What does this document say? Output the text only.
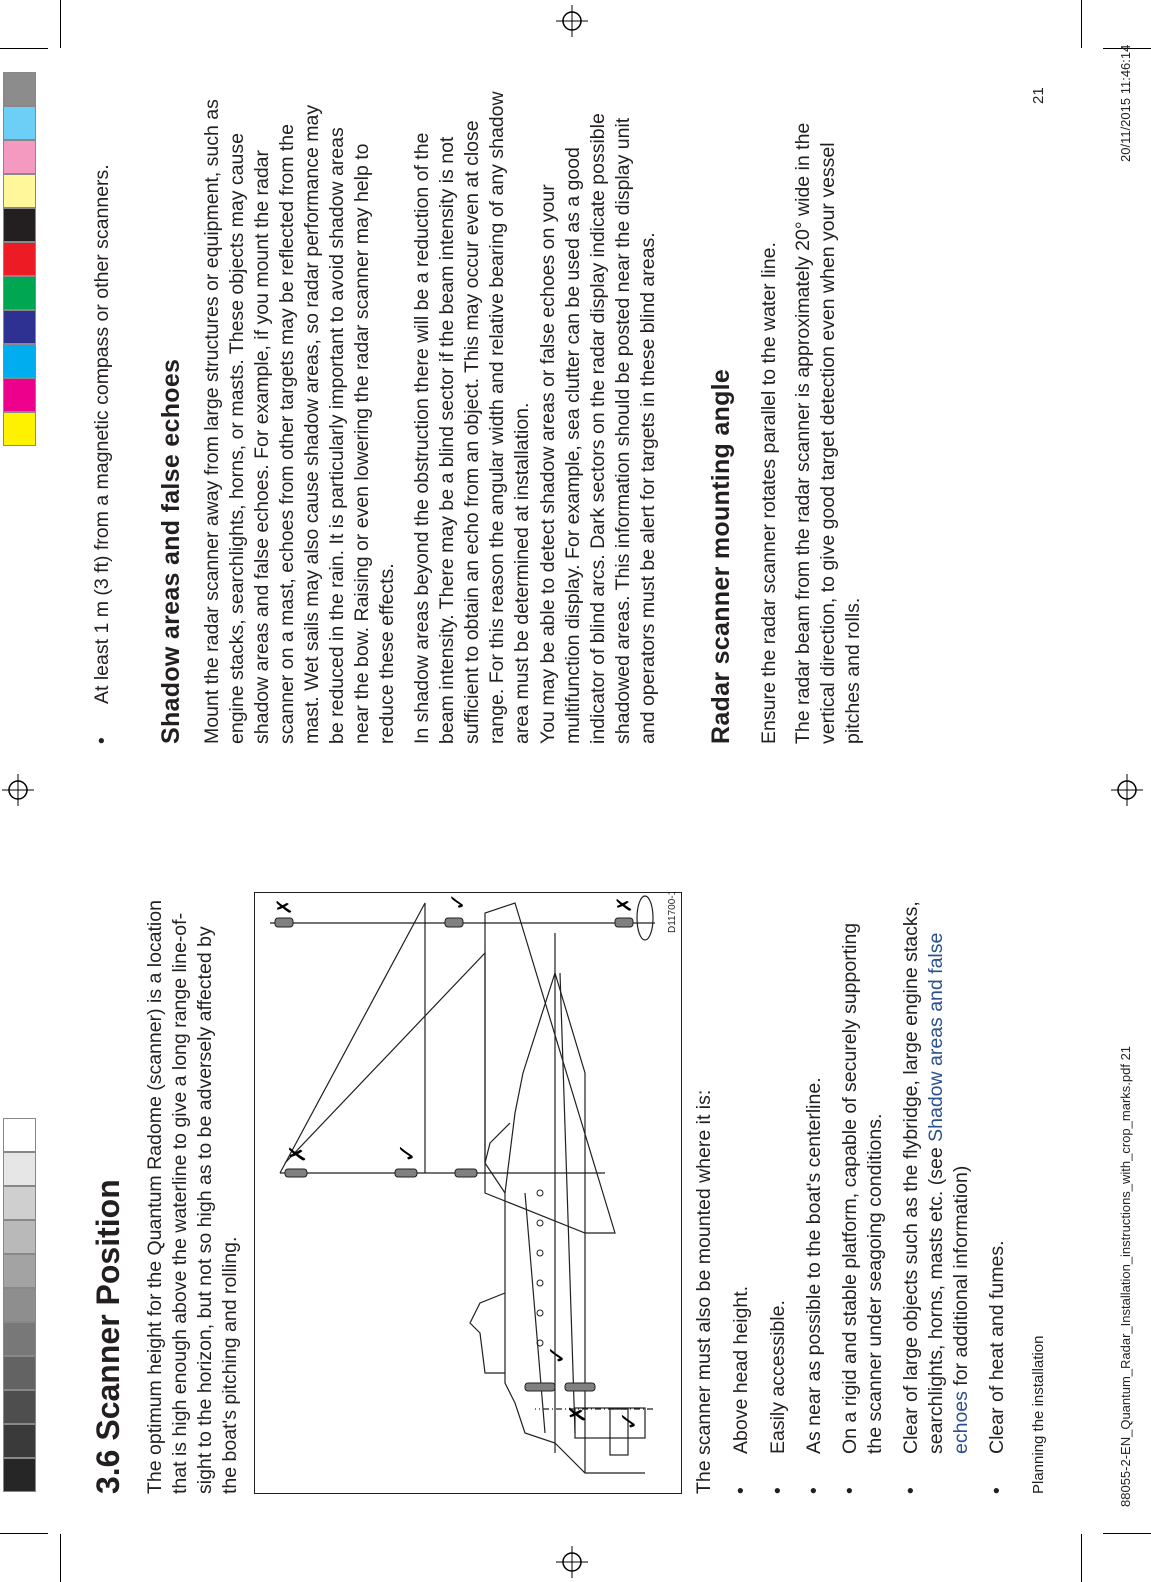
3.6 Scanner Position The optimum height for the Quantum Radome (scanner) is a location that is high enough above the waterline to give a long range line-of-sight to the horizon, but not so high as to be adversely affected by the boat's pitching and rolling.	✓
✓
✗
✗	✓
✗	✓	✗	D11700-1
The scanner must also be mounted where it is: •
Above head height.
•
Easily accessible.
•
As near as possible to the boat's centerline.
•
On a rigid and stable platform, capable of securely supporting the scanner under seagoing conditions.
•
Clear of large objects such as the flybridge, large engine stacks, searchlights, horns, masts etc. (see Shadow areas and false echoes for additional information)
•
Clear of heat and fumes.
•
At least 1 m (3 ft) from a magnetic compass or other scanners. Shadow areas and false echoes Mount the radar scanner away from large structures or equipment, such as engine stacks, searchlights, horns, or masts. These objects may cause shadow areas and false echoes. For example, if you mount the radar scanner on a mast, echoes from other targets may be reflected from the mast. Wet sails may also cause shadow areas, so radar performance may be reduced in the rain. It is particularly important to avoid shadow areas near the bow. Raising or even lowering the radar scanner may help to reduce these effects. In shadow areas beyond the obstruction there will be a reduction of the beam intensity. There may be a blind sector if the beam intensity is not sufficient to obtain an echo from an object. This may occur even at close range. For this reason the angular width and relative bearing of any shadow area must be determined at installation. You may be able to detect shadow areas or false echoes on your multifunction display. For example, sea clutter can be used as a good indicator of blind arcs. Dark sectors on the radar display indicate possible shadowed areas. This information should be posted near the display unit and operators must be alert for targets in these blind areas. Radar scanner mounting angle Ensure the radar scanner rotates parallel to the water line. The radar beam from the radar scanner is approximately 20° wide in the vertical direction, to give good target detection even when your vessel pitches and rolls.
Planning the installation
21
88055-2-EN_Quantum_Radar_Installation_instructions_with_crop_marks.pdf 21
20/11/2015 11:46:14
